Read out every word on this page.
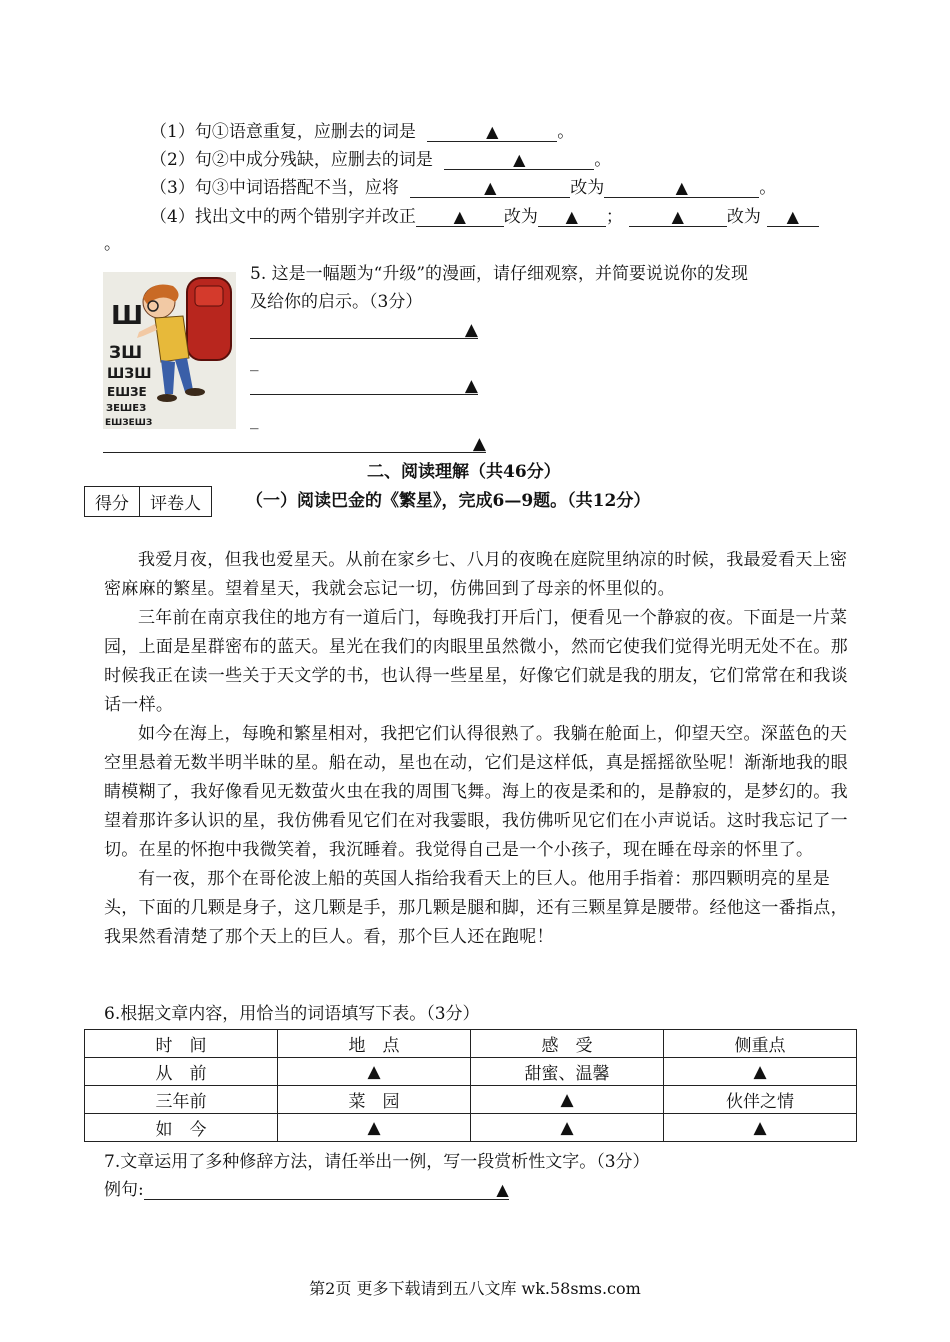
（1）句①语意重复，应删去的词是	▲	。
（2）句②中成分残缺，应删去的词是	▲	。
（3）句③中词语搭配不当，应将	▲	改为	▲	。
（4）找出文中的两个错别字并改正 ▲ 改为 ▲ ；	▲	改为 ▲
。
Ш
ЗШ
ШЗШ
ЕШЗЕ
ЗЕШЕЗ
ЕШЗЕШЗ
5. 这是一幅题为“升级”的漫画，请仔细观察，并简要说说你的发现
及给你的启示。（3分）
▲
_
▲
_
▲
二、阅读理解（共46分）
得分	评卷人	（一）阅读巴金的《繁星》，完成6—9题。（共12分）

我爱月夜，但我也爱星天。从前在家乡七、八月的夜晚在庭院里纳凉的时候，我最爱看天上密密麻麻的繁星。望着星天，我就会忘记一切，仿佛回到了母亲的怀里似的。

三年前在南京我住的地方有一道后门，每晚我打开后门，便看见一个静寂的夜。下面是一片菜园，上面是星群密布的蓝天。星光在我们的肉眼里虽然微小，然而它使我们觉得光明无处不在。那时候我正在读一些关于天文学的书，也认得一些星星，好像它们就是我的朋友，它们常常在和我谈话一样。

如今在海上，每晚和繁星相对，我把它们认得很熟了。我躺在舱面上，仰望天空。深蓝色的天空里悬着无数半明半昧的星。船在动，星也在动，它们是这样低，真是摇摇欲坠呢！渐渐地我的眼睛模糊了，我好像看见无数萤火虫在我的周围飞舞。海上的夜是柔和的，是静寂的，是梦幻的。我望着那许多认识的星，我仿佛看见它们在对我霎眼，我仿佛听见它们在小声说话。这时我忘记了一切。在星的怀抱中我微笑着，我沉睡着。我觉得自己是一个小孩子，现在睡在母亲的怀里了。

有一夜，那个在哥伦波上船的英国人指给我看天上的巨人。他用手指着：那四颗明亮的星是头，下面的几颗是身子，这几颗是手，那几颗是腿和脚，还有三颗星算是腰带。经他这一番指点，我果然看清楚了那个天上的巨人。看，那个巨人还在跑呢！

6.根据文章内容，用恰当的词语填写下表。（3分）
时　间	地　点	感　受	侧重点
从　前	▲	甜蜜、温馨	▲
三年前	菜　园	▲	伙伴之情
如　今	▲	▲	▲
7.文章运用了多种修辞方法，请任举出一例，写一段赏析性文字。（3分）
例句:	▲
第2页 更多下载请到五八文库 wk.58sms.com
